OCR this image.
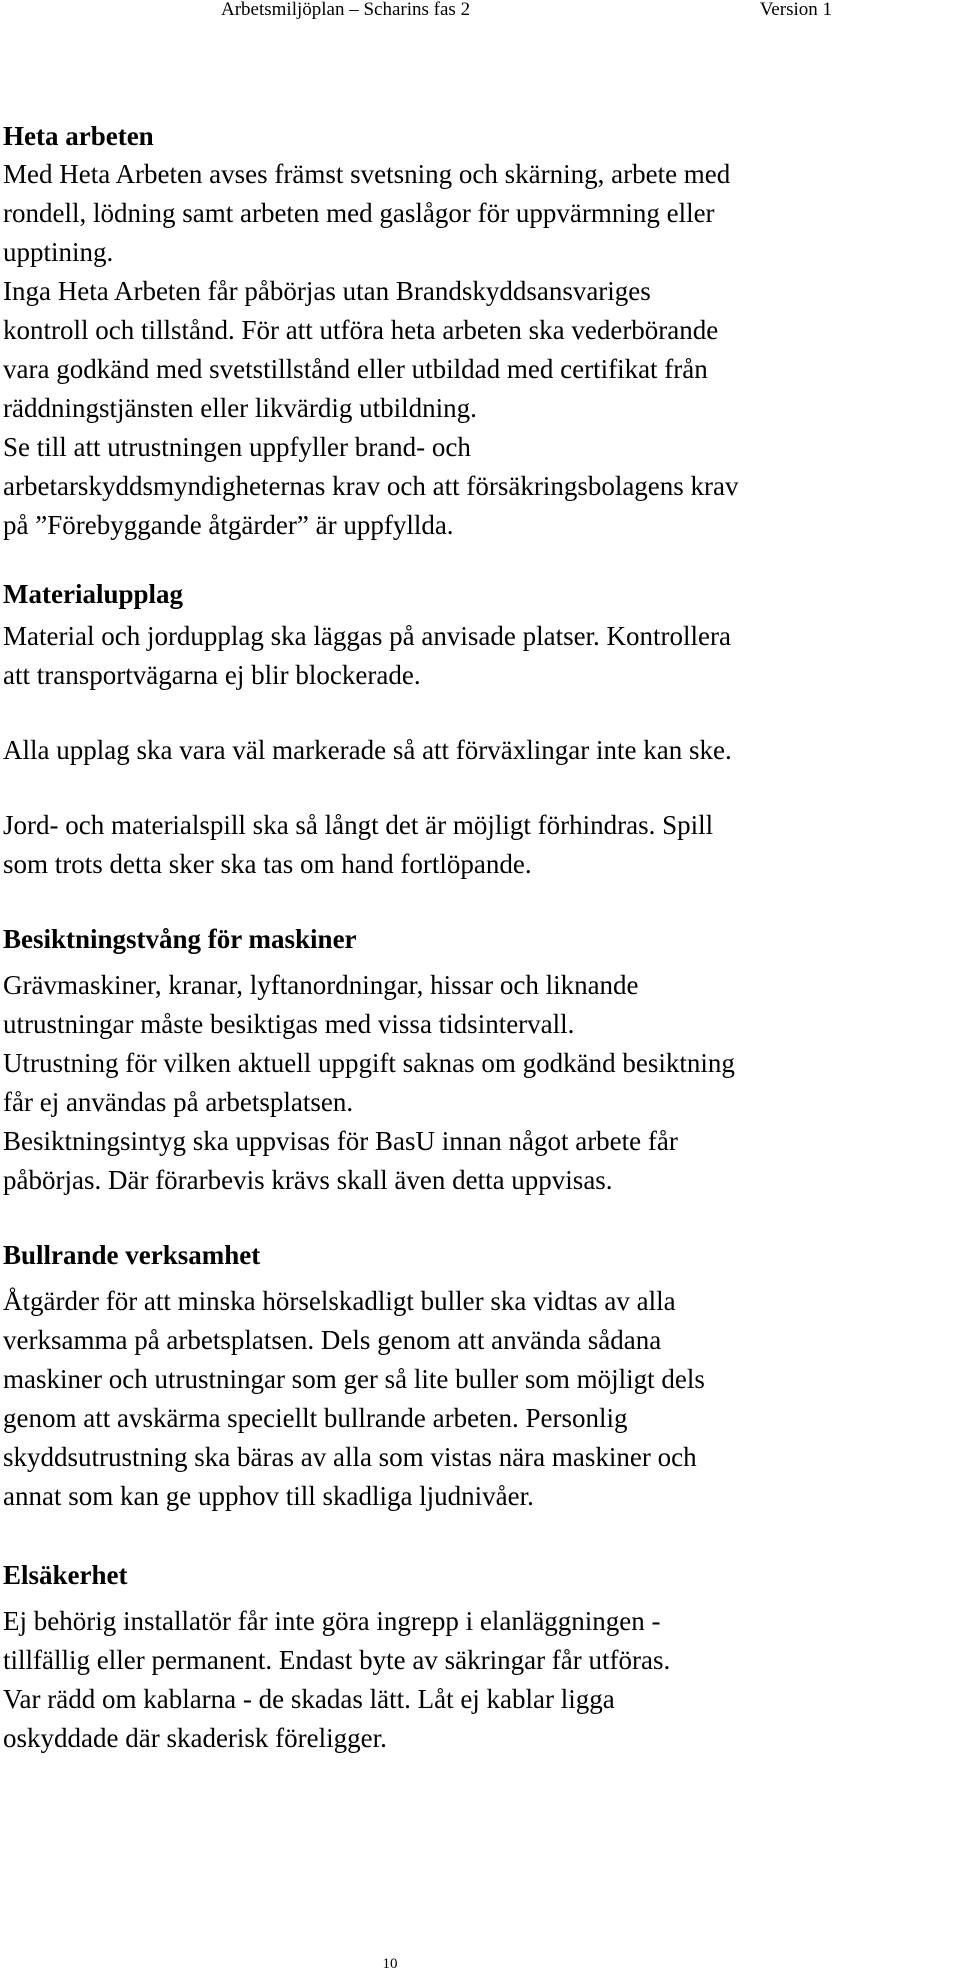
Arbetsmiljöplan – Scharins fas 2	Version 1
Heta arbeten

Med Heta Arbeten avses främst svetsning och skärning, arbete med
rondell, lödning samt arbeten med gaslågor för uppvärmning eller
upptining.
Inga Heta Arbeten får påbörjas utan Brandskyddsansvariges
kontroll och tillstånd. För att utföra heta arbeten ska vederbörande
vara godkänd med svetstillstånd eller utbildad med certifikat från
räddningstjänsten eller likvärdig utbildning.
Se till att utrustningen uppfyller brand- och
arbetarskyddsmyndigheternas krav och att försäkringsbolagens krav
på ”Förebyggande åtgärder” är uppfyllda.

Materialupplag

Material och jordupplag ska läggas på anvisade platser. Kontrollera
att transportvägarna ej blir blockerade.

Alla upplag ska vara väl markerade så att förväxlingar inte kan ske.

Jord- och materialspill ska så långt det är möjligt förhindras. Spill
som trots detta sker ska tas om hand fortlöpande.

Besiktningstvång för maskiner

Grävmaskiner, kranar, lyftanordningar, hissar och liknande
utrustningar måste besiktigas med vissa tidsintervall.
Utrustning för vilken aktuell uppgift saknas om godkänd besiktning
får ej användas på arbetsplatsen.
Besiktningsintyg ska uppvisas för BasU innan något arbete får
påbörjas. Där förarbevis krävs skall även detta uppvisas.

Bullrande verksamhet

Åtgärder för att minska hörselskadligt buller ska vidtas av alla
verksamma på arbetsplatsen. Dels genom att använda sådana
maskiner och utrustningar som ger så lite buller som möjligt dels
genom att avskärma speciellt bullrande arbeten. Personlig
skyddsutrustning ska bäras av alla som vistas nära maskiner och
annat som kan ge upphov till skadliga ljudnivåer.

Elsäkerhet

Ej behörig installatör får inte göra ingrepp i elanläggningen -
tillfällig eller permanent. Endast byte av säkringar får utföras.
Var rädd om kablarna - de skadas lätt. Låt ej kablar ligga
oskyddade där skaderisk föreligger.

10
